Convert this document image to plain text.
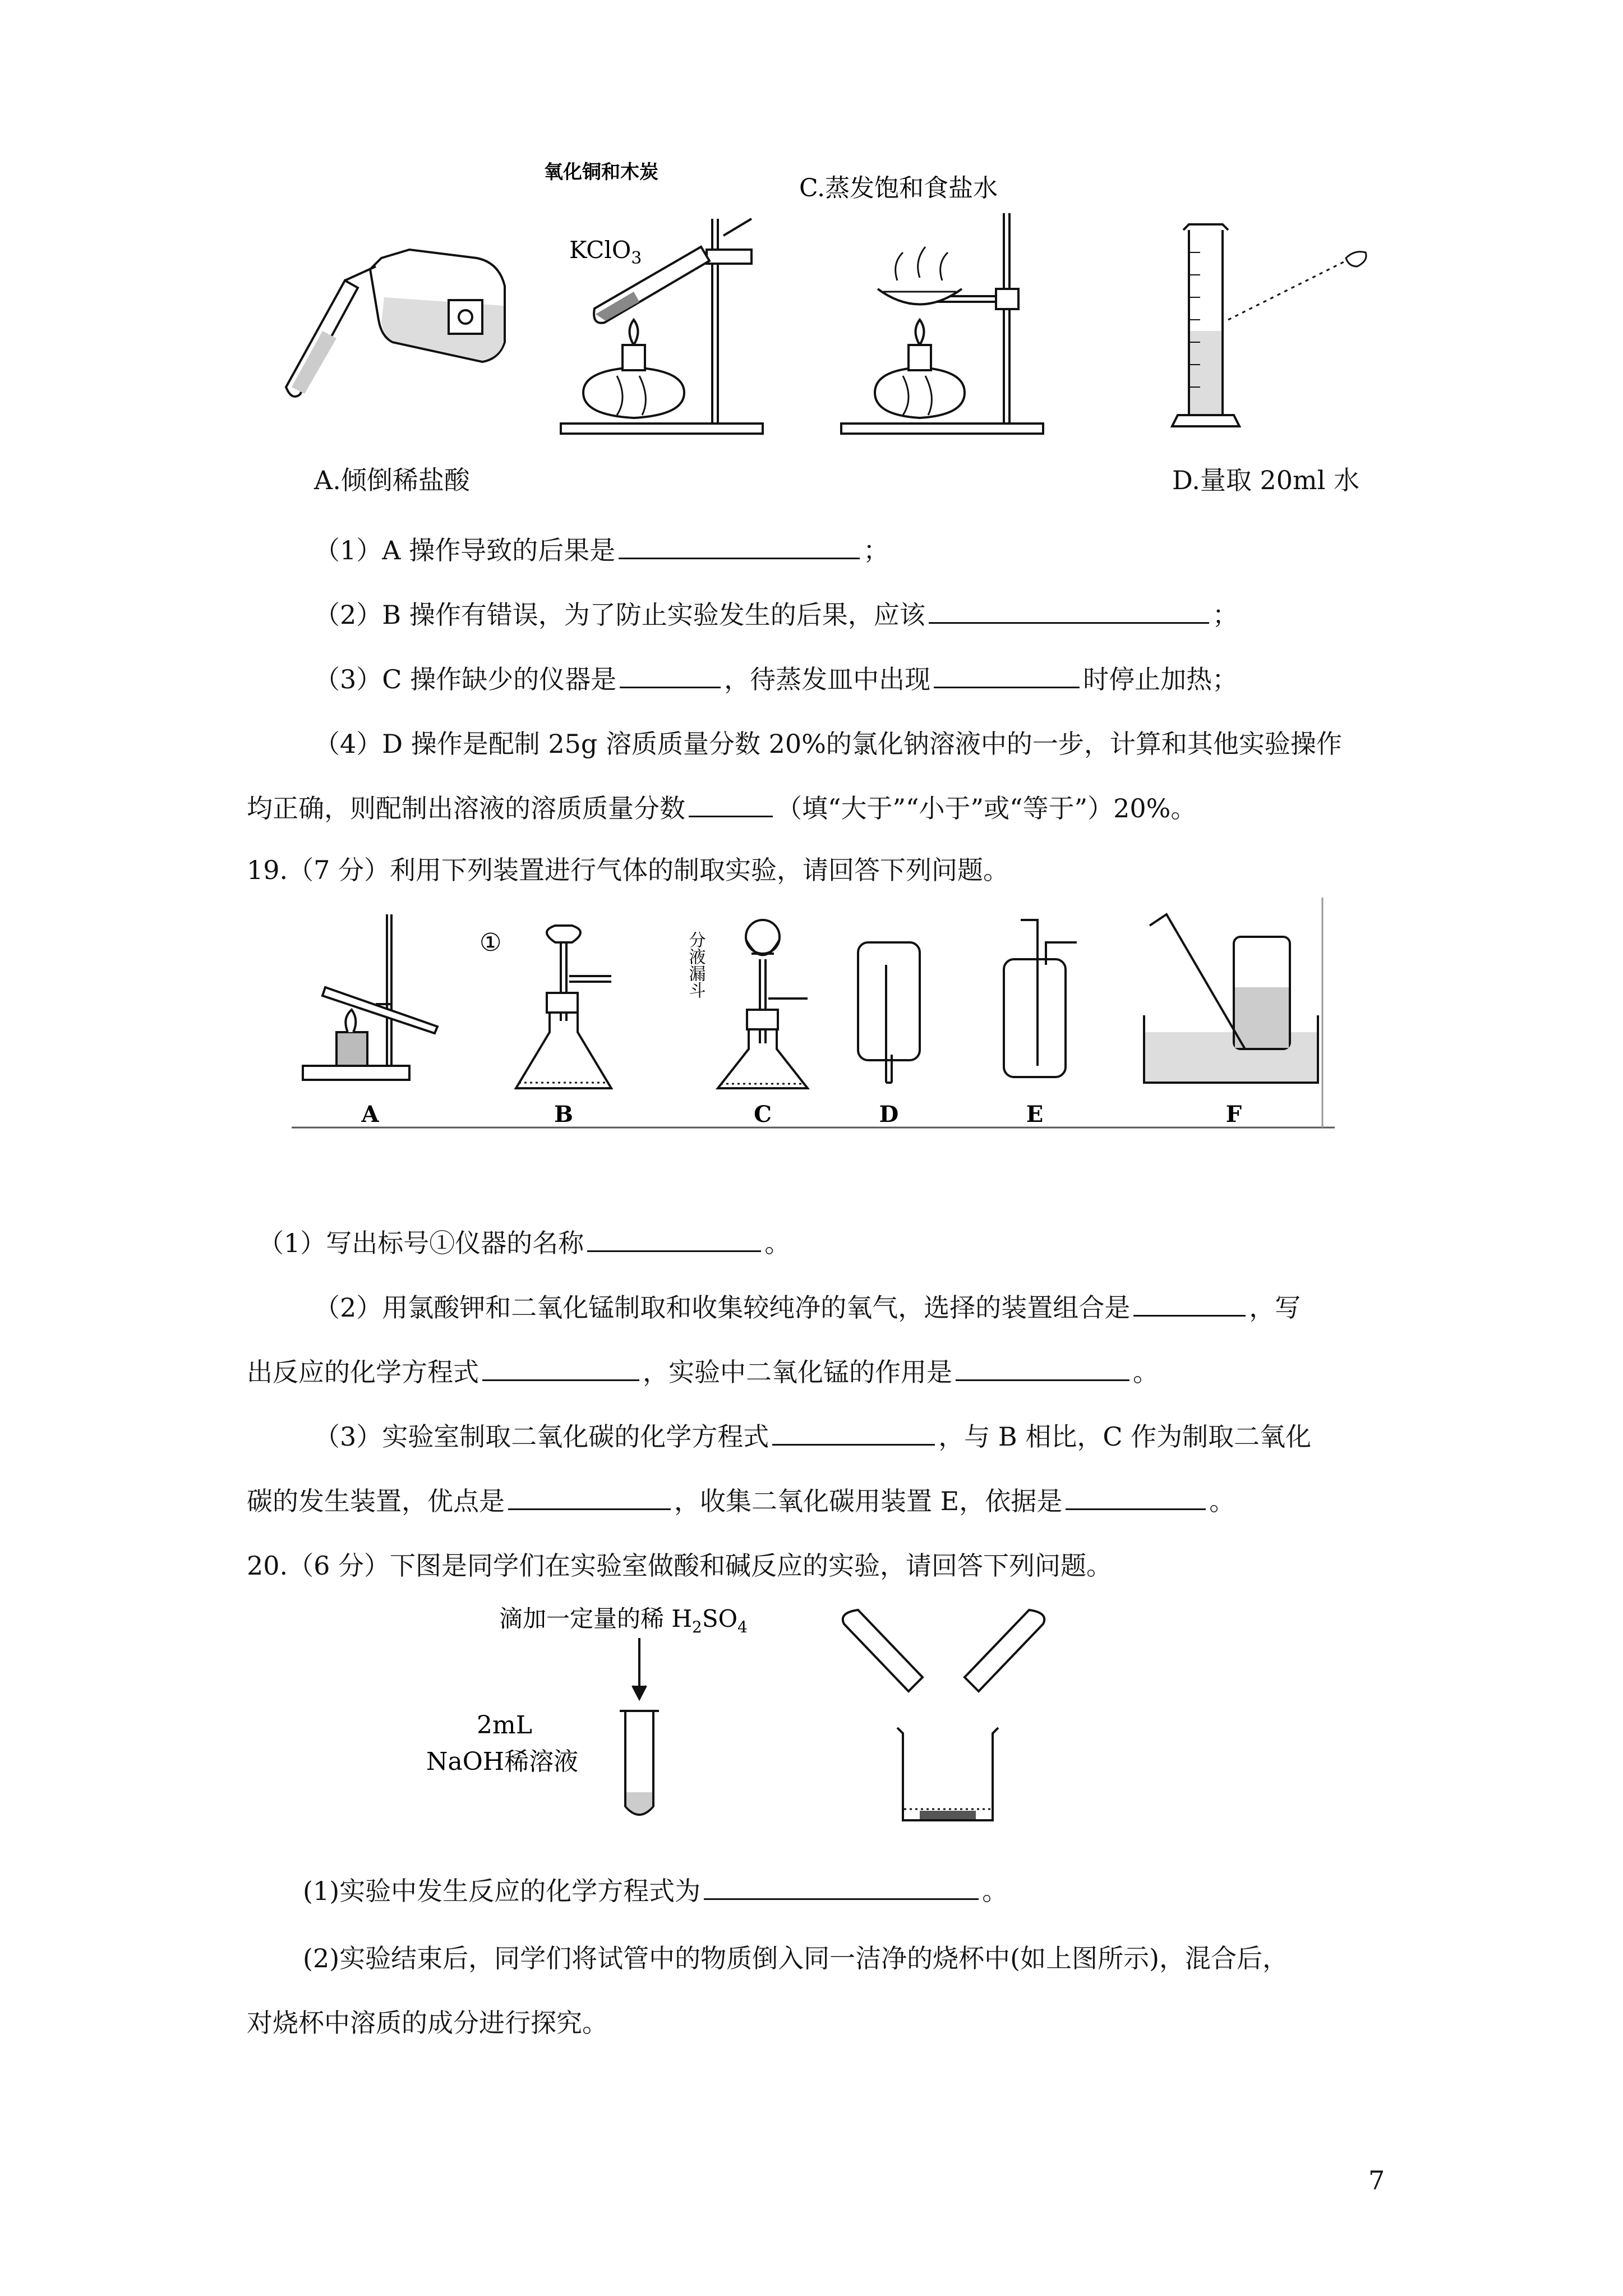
氧化铜和木炭
KClO$_3$
C.蒸发饱和食盐水
A.倾倒稀盐酸	D.量取 20ml 水
（1）A 操作导致的后果是	；
（2）B 操作有错误，为了防止实验发生的后果，应该	；
（3）C 操作缺少的仪器是	，待蒸发皿中出现	时停止加热；
（4）D 操作是配制 25g 溶质质量分数 20%的氯化钠溶液中的一步，计算和其他实验操作
均正确，则配制出溶液的溶质质量分数	（填“大于”“小于”或“等于”）20%。
19.（7 分）利用下列装置进行气体的制取实验，请回答下列问题。
A
①
B
分液漏斗
C	D	E	F
（1）写出标号①仪器的名称	。
（2）用氯酸钾和二氧化锰制取和收集较纯净的氧气，选择的装置组合是	，写
出反应的化学方程式	，实验中二氧化锰的作用是	。
（3）实验室制取二氧化碳的化学方程式	，与 B 相比，C 作为制取二氧化
碳的发生装置，优点是	，收集二氧化碳用装置 E，依据是	。
20.（6 分）下图是同学们在实验室做酸和碱反应的实验，请回答下列问题。
滴加一定量的稀 $H_2SO_4$
2mL
NaOH稀溶液
(1)实验中发生反应的化学方程式为	。
(2)实验结束后，同学们将试管中的物质倒入同一洁净的烧杯中(如上图所示)，混合后，
对烧杯中溶质的成分进行探究。
7
